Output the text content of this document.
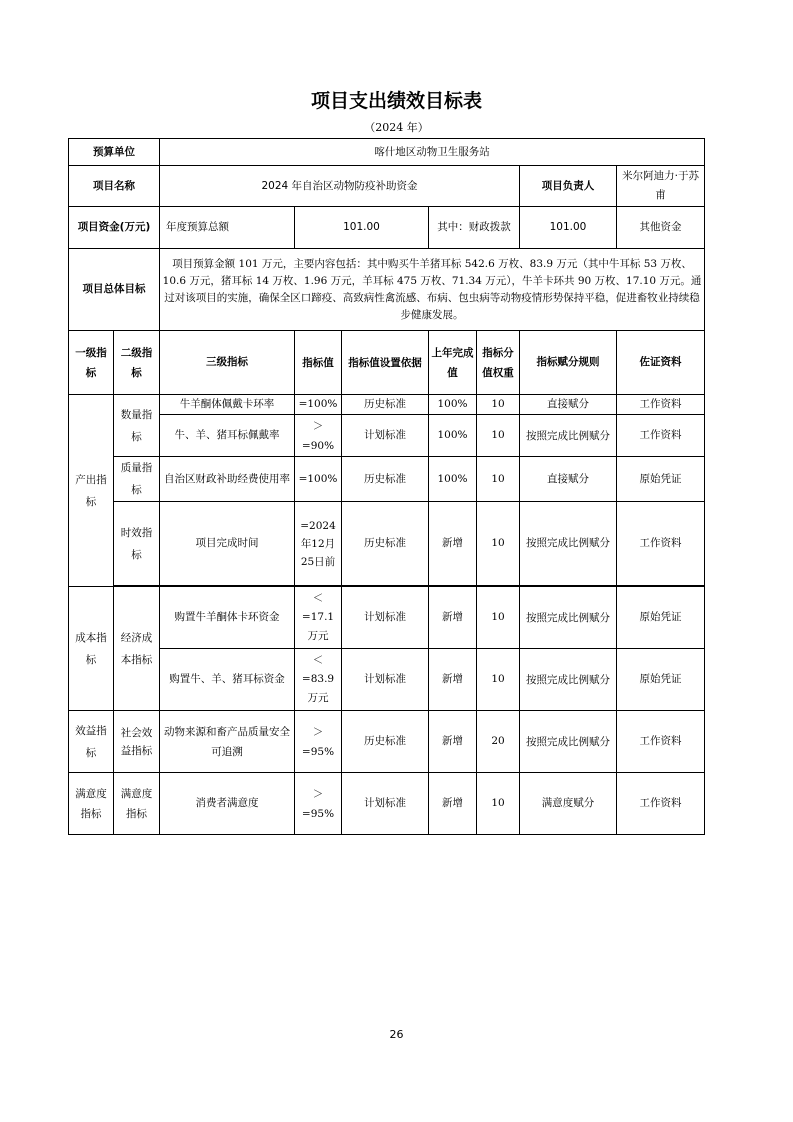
项目支出绩效目标表
（2024 年）
预算单位		喀什地区动物卫生服务站						
项目名称		2024 年自治区动物防疫补助资金					项目负责人	米尔阿迪力·于苏甫
项目资金(万元)		年度预算总额	101.00		其中：财政拨款		101.00	其他资金
项目总体目标		项目预算金额 101 万元，主要内容包括：其中购买牛羊猪耳标 542.6 万枚、83.9 万元（其中牛耳标 53 万枚、10.6 万元，猪耳标 14 万枚、1.96 万元，羊耳标 475 万枚、71.34 万元），牛羊卡环共 90 万枚、17.10 万元。通过对该项目的实施，确保全区口蹄疫、高致病性禽流感、布病、包虫病等动物疫情形势保持平稳，促进畜牧业持续稳步健康发展。						
一级指标	二级指标	三级指标	指标值	指标值设置依据	上年完成值	指标分值权重	指标赋分规则	佐证资料
产出指标	数量指标	牛羊酮体佩戴卡环率	=100%	历史标准	100%	10	直接赋分	工作资料
		牛、羊、猪耳标佩戴率	＞=90%	计划标准	100%	10	按照完成比例赋分	工作资料
	质量指标	自治区财政补助经费使用率	=100%	历史标准	100%	10	直接赋分	原始凭证
	时效指标	项目完成时间	=2024年12月25日前	历史标准	新增	10	按照完成比例赋分	工作资料

成本指标	经济成本指标	购置牛羊酮体卡环资金	＜=17.1万元	计划标准	新增	10	按照完成比例赋分	原始凭证
		购置牛、羊、猪耳标资金	＜=83.9万元	计划标准	新增	10	按照完成比例赋分	原始凭证
效益指标	社会效益指标	动物来源和畜产品质量安全可追溯	＞=95%	历史标准	新增	20	按照完成比例赋分	工作资料
满意度指标	满意度指标	消费者满意度	＞=95%	计划标准	新增	10	满意度赋分	工作资料
26
